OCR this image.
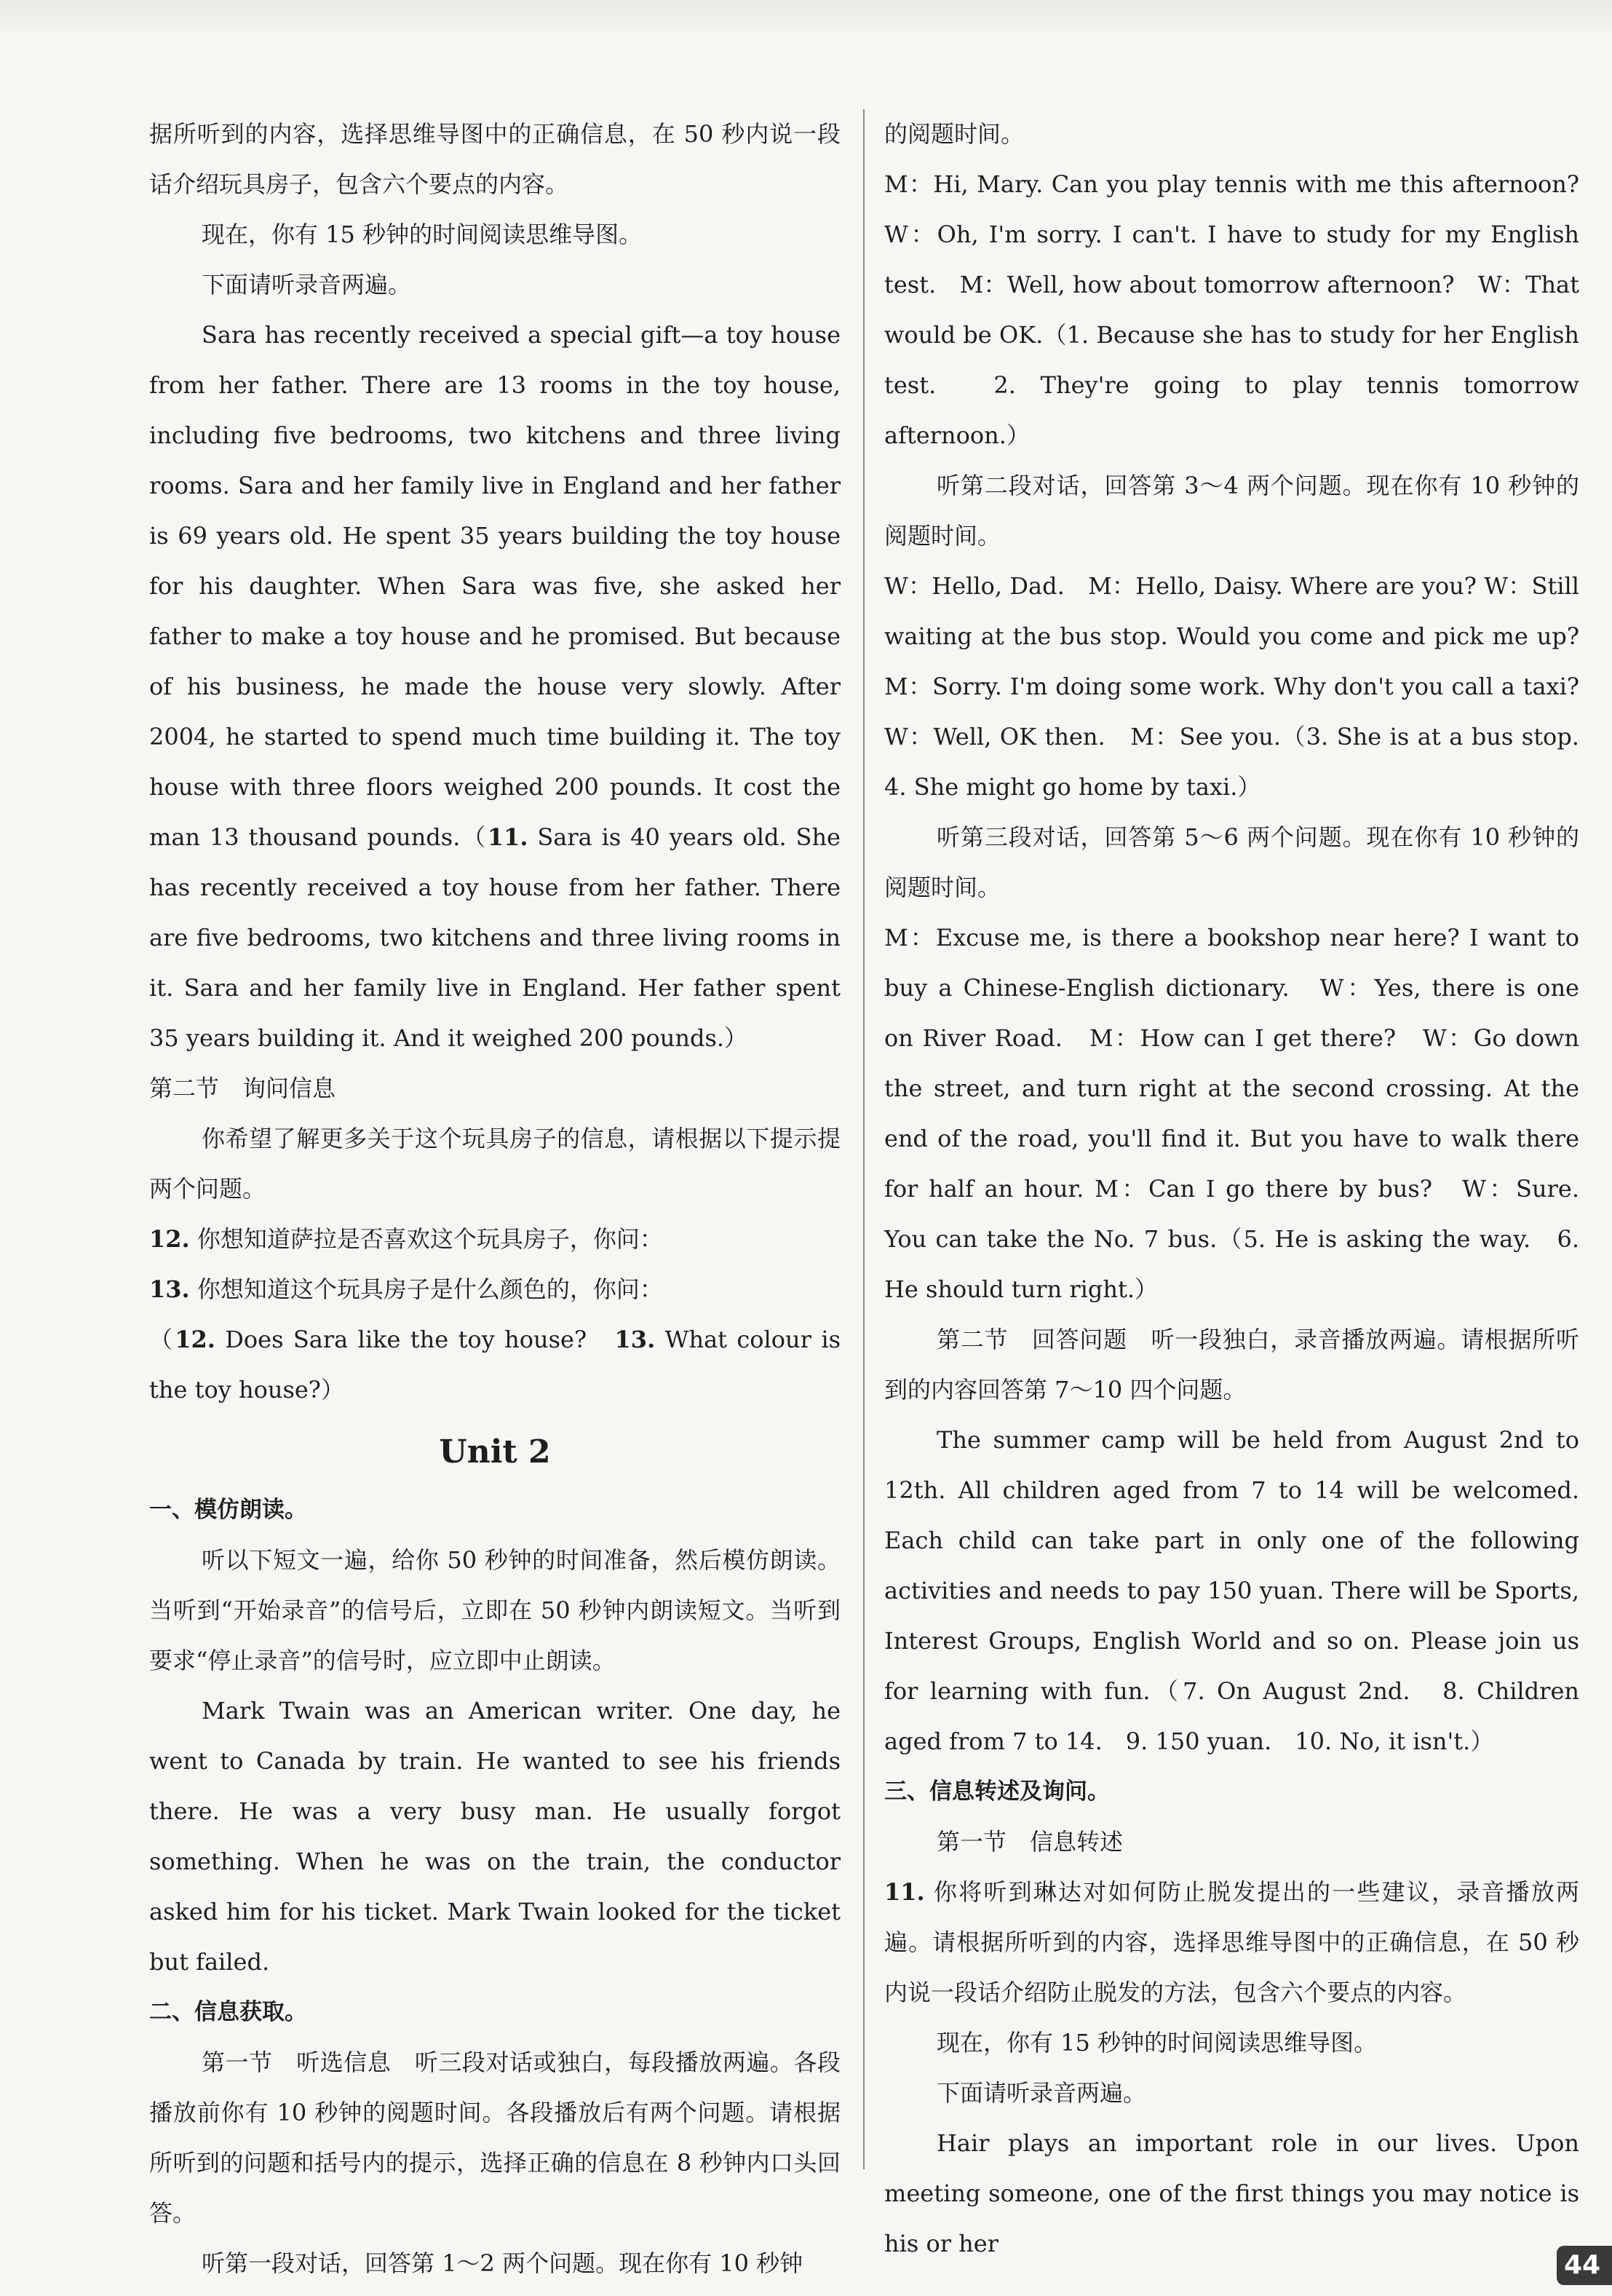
据所听到的内容，选择思维导图中的正确信息，在 50 秒内说一段话介绍玩具房子，包含六个要点的内容。

现在，你有 15 秒钟的时间阅读思维导图。

下面请听录音两遍。

Sara has recently received a special gift—a toy house from her father. There are 13 rooms in the toy house, including five bedrooms, two kitchens and three living rooms. Sara and her family live in England and her father is 69 years old. He spent 35 years building the toy house for his daughter. When Sara was five, she asked her father to make a toy house and he promised. But because of his business, he made the house very slowly. After 2004, he started to spend much time building it. The toy house with three floors weighed 200 pounds. It cost the man 13 thousand pounds.（11. Sara is 40 years old. She has recently received a toy house from her father. There are five bedrooms, two kitchens and three living rooms in it. Sara and her family live in England. Her father spent 35 years building it. And it weighed 200 pounds.）

第二节　询问信息

你希望了解更多关于这个玩具房子的信息，请根据以下提示提两个问题。

12. 你想知道萨拉是否喜欢这个玩具房子，你问：

13. 你想知道这个玩具房子是什么颜色的，你问：

（12. Does Sara like the toy house?　13. What colour is the toy house?）

Unit 2

一、模仿朗读。

听以下短文一遍，给你 50 秒钟的时间准备，然后模仿朗读。当听到“开始录音”的信号后，立即在 50 秒钟内朗读短文。当听到要求“停止录音”的信号时，应立即中止朗读。

Mark Twain was an American writer. One day, he went to Canada by train. He wanted to see his friends there. He was a very busy man. He usually forgot something. When he was on the train, the conductor asked him for his ticket. Mark Twain looked for the ticket but failed.

二、信息获取。

第一节　听选信息　听三段对话或独白，每段播放两遍。各段播放前你有 10 秒钟的阅题时间。各段播放后有两个问题。请根据所听到的问题和括号内的提示，选择正确的信息在 8 秒钟内口头回答。

听第一段对话，回答第 1～2 两个问题。现在你有 10 秒钟

的阅题时间。

M：Hi, Mary. Can you play tennis with me this afternoon? W：Oh, I'm sorry. I can't. I have to study for my English test.　M：Well, how about tomorrow afternoon?　W：That would be OK.（1. Because she has to study for her English test.　2. They're going to play tennis tomorrow afternoon.）

听第二段对话，回答第 3～4 两个问题。现在你有 10 秒钟的阅题时间。

W：Hello, Dad.　M：Hello, Daisy. Where are you? W：Still waiting at the bus stop. Would you come and pick me up?　M：Sorry. I'm doing some work. Why don't you call a taxi?　W：Well, OK then.　M：See you.（3. She is at a bus stop.　4. She might go home by taxi.）

听第三段对话，回答第 5～6 两个问题。现在你有 10 秒钟的阅题时间。

M：Excuse me, is there a bookshop near here? I want to buy a Chinese-English dictionary.　W：Yes, there is one on River Road.　M：How can I get there?　W：Go down the street, and turn right at the second crossing. At the end of the road, you'll find it. But you have to walk there for half an hour. M：Can I go there by bus?　W：Sure. You can take the No. 7 bus.（5. He is asking the way.　6. He should turn right.）

第二节　回答问题　听一段独白，录音播放两遍。请根据所听到的内容回答第 7～10 四个问题。

The summer camp will be held from August 2nd to 12th. All children aged from 7 to 14 will be welcomed. Each child can take part in only one of the following activities and needs to pay 150 yuan. There will be Sports, Interest Groups, English World and so on. Please join us for learning with fun.（7. On August 2nd.　8. Children aged from 7 to 14.　9. 150 yuan.　10. No, it isn't.）

三、信息转述及询问。

第一节　信息转述

11. 你将听到琳达对如何防止脱发提出的一些建议，录音播放两遍。请根据所听到的内容，选择思维导图中的正确信息，在 50 秒内说一段话介绍防止脱发的方法，包含六个要点的内容。

现在，你有 15 秒钟的时间阅读思维导图。

下面请听录音两遍。

Hair plays an important role in our lives. Upon meeting someone, one of the first things you may notice is his or her

44
